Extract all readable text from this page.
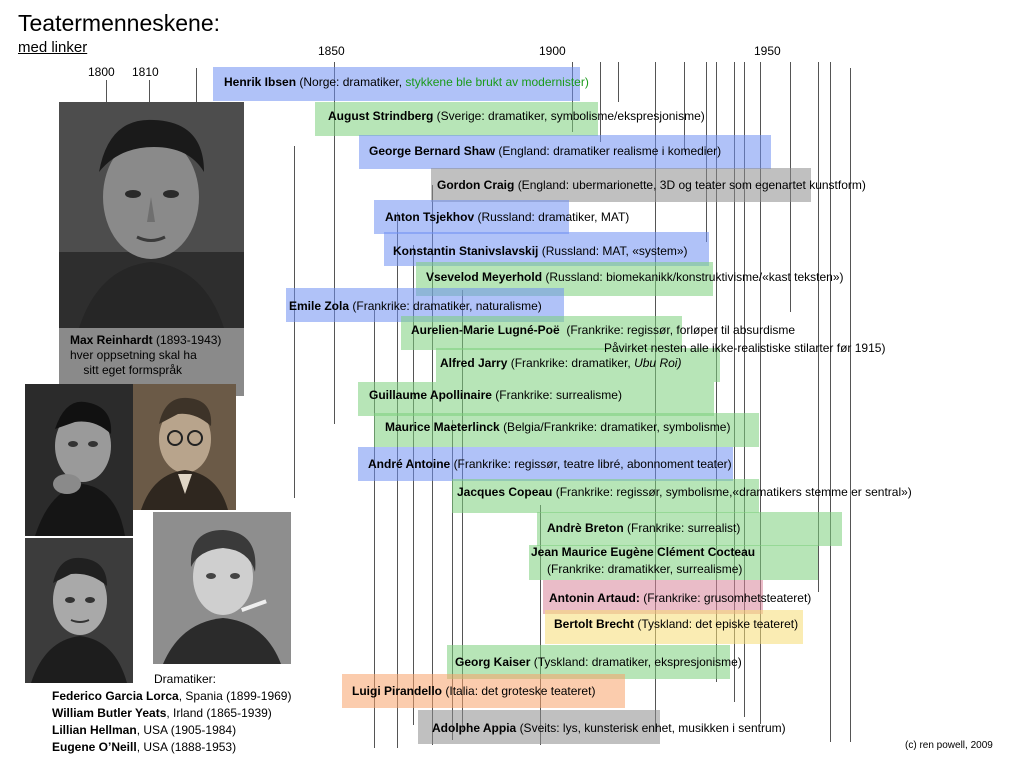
Teatermenneskene:
med linker
1800 1810
1850	1900	1950
Henrik Ibsen (Norge: dramatiker, stykkene ble brukt av modernister)
August Strindberg (Sverige: dramatiker, symbolisme/ekspresjonisme)
George Bernard Shaw (England: dramatiker realisme i komedier)
Gordon Craig (England: ubermarionette, 3D og teater som egenartet kunstform)
Anton Tsjekhov (Russland: dramatiker, MAT)
Konstantin Stanivslavskij (Russland: MAT, «system»)
Vsevelod Meyerhold (Russland: biomekanikk/konstruktivisme/«kast teksten»)
Emile Zola (Frankrike: dramatiker, naturalisme)
Aurelien-Marie Lugné-Poë (Frankrike: regissør, forløper til absurdisme
Påvirket nesten alle ikke-realistiske stilarter før 1915)
Alfred Jarry (Frankrike: dramatiker, Ubu Roi)
Guillaume Apollinaire (Frankrike: surrealisme)
Maurice Maeterlinck (Belgia/Frankrike: dramatiker, symbolisme)
André Antoine (Frankrike: regissør, teatre libré, abonnoment teater)
Jacques Copeau (Frankrike: regissør, symbolisme,«dramatikers stemme er sentral»)
Andrè Breton (Frankrike: surrealist)
Jean Maurice Eugène Clément Cocteau
(Frankrike: dramatikker, surrealisme)
Antonin Artaud: (Frankrike: grusomhetsteateret)
Bertolt Brecht (Tyskland: det episke teateret)
Georg Kaiser (Tyskland: dramatiker, ekspresjonisme)
Luigi Pirandello (Italia: det groteske teateret)
Adolphe Appia (Sveits: lys, kunsterisk enhet, musikken i sentrum)
Max Reinhardt (1893-1943)
hver oppsetning skal ha
sitt eget formspråk
Dramatiker:
Federico Garcia Lorca, Spania (1899-1969)
William Butler Yeats, Irland (1865-1939)
Lillian Hellman, USA (1905-1984)
Eugene O’Neill, USA (1888-1953)	(c) ren powell, 2009
